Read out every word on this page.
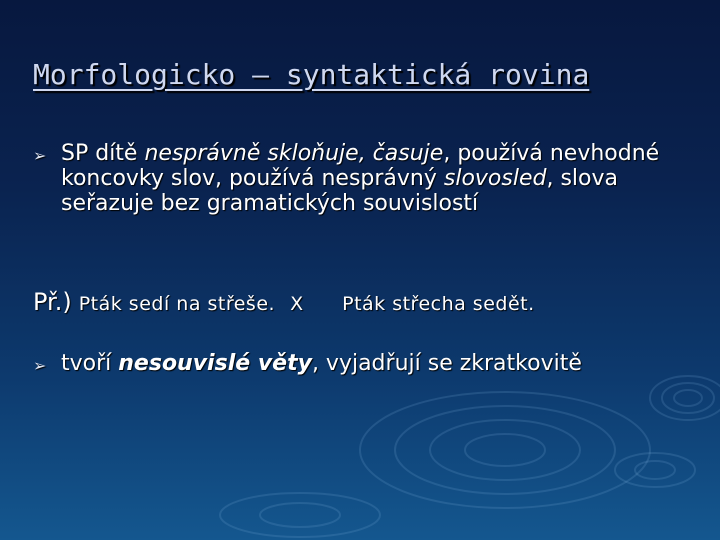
Morfologicko – syntaktická rovina
➢ SP dítě nesprávně skloňuje, časuje, používá nevhodné koncovky slov, používá nesprávný slovosled, slova seřazuje bez gramatických souvislostí
Př.) Pták sedí na střeše. X Pták střecha sedět.
➢ tvoří nesouvislé věty, vyjadřují se zkratkovitě
